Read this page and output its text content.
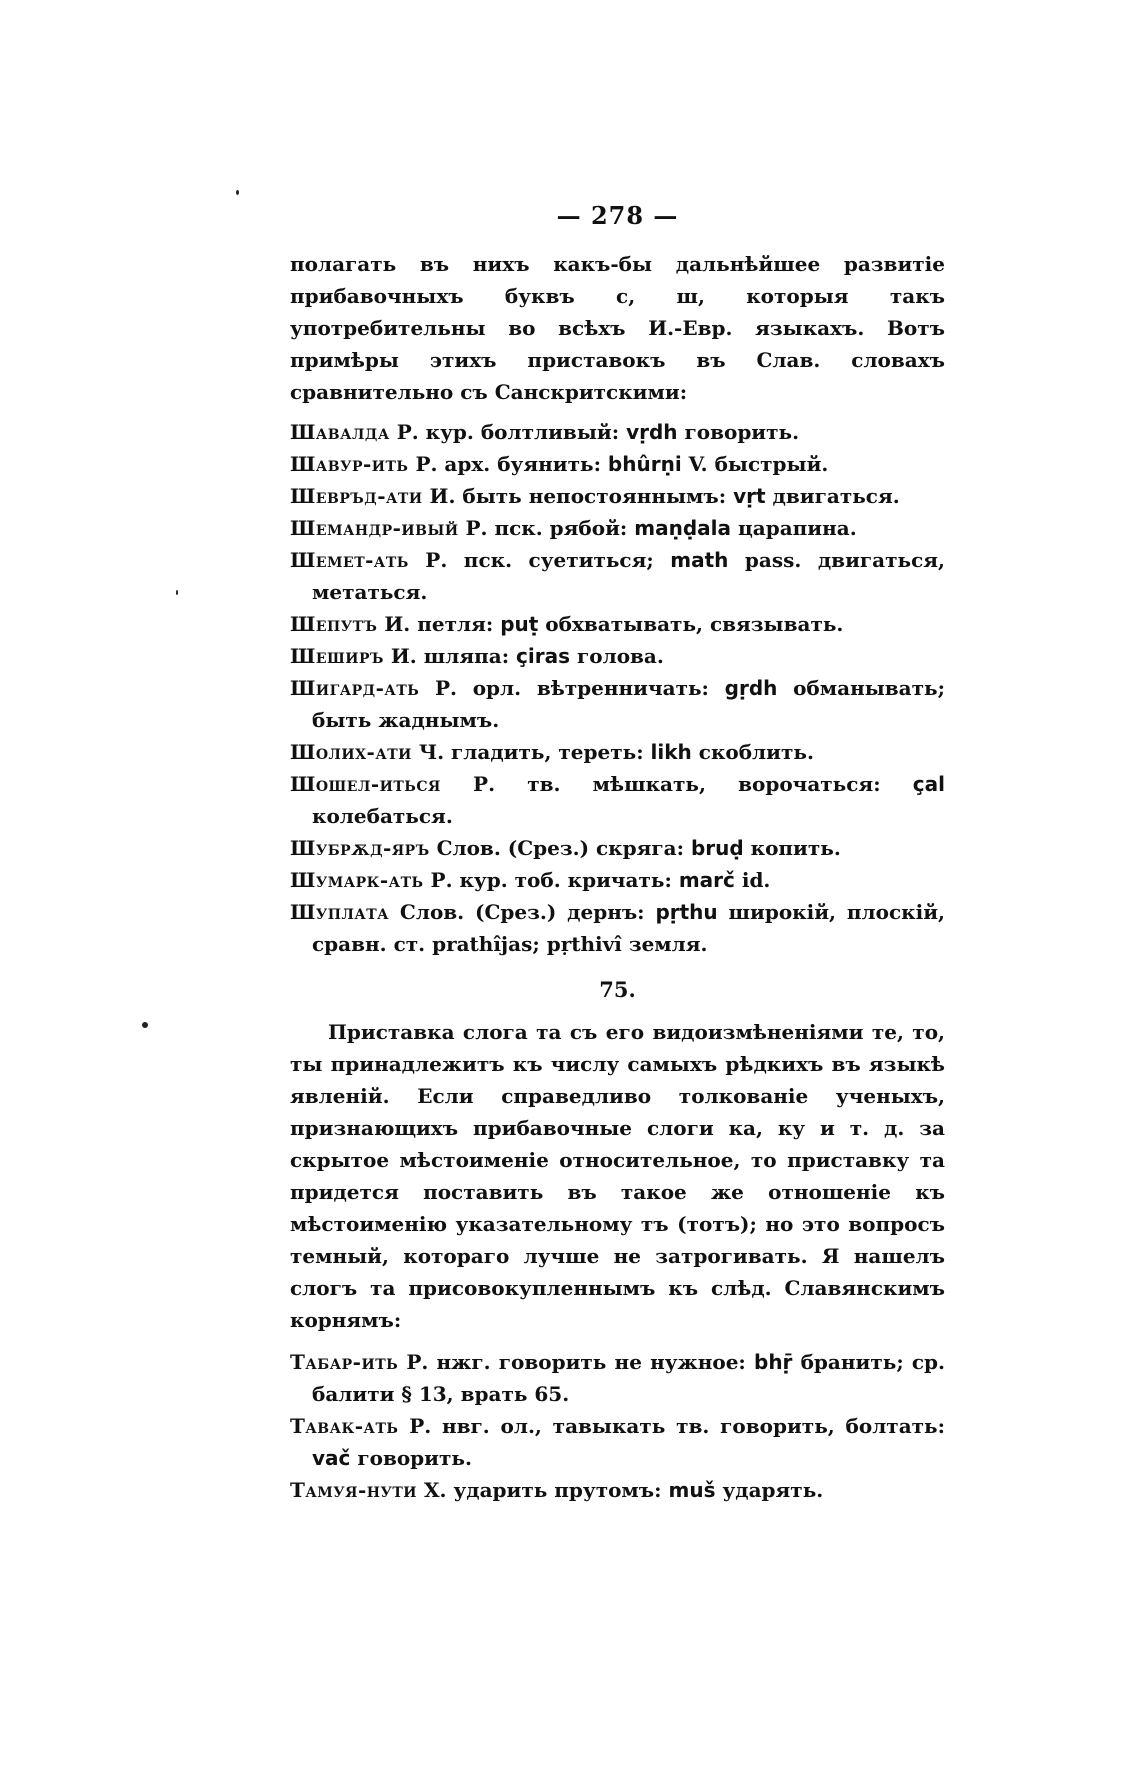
— 278 —

полагать въ нихъ какъ-бы дальнѣйшее развитіе прибавочныхъ буквъ с, ш, которыя такъ употребительны во всѣхъ И.-Евр. языкахъ. Вотъ примѣры этихъ приставокъ въ Слав. словахъ сравнительно съ Санскритскими:

Шавалда Р. кур. болтливый: vṛdh говорить.

Шавур-ить Р. арх. буянить: bhûrṇi V. быстрый.

Шевръд-ати И. быть непостояннымъ: vṛt двигаться.

Шемандр-ивый Р. пск. рябой: maṇḍala царапина.

Шемет-ать Р. пск. суетиться; math pass. двигаться, метаться.

Шепутъ И. петля: puṭ обхватывать, связывать.

Шеширъ И. шляпа: çiras голова.

Шигард-ать Р. орл. вѣтренничать: gṛdh обманывать; быть жаднымъ.

Шолих-ати Ч. гладить, тереть: likh скоблить.

Шошел-иться Р. тв. мѣшкать, ворочаться: çal колебаться.

Шубрѫд-яръ Слов. (Срез.) скряга: bruḍ копить.

Шумарк-ать Р. кур. тоб. кричать: marč id.

Шуплата Слов. (Срез.) дернъ: pṛthu широкій, плоскій, сравн. ст. prathîjas; pṛthivî земля.

75.

Приставка слога та съ его видоизмѣненіями те, то, ты принадлежитъ къ числу самыхъ рѣдкихъ въ языкѣ явленій. Если справедливо толкованіе ученыхъ, признающихъ прибавочные слоги ка, ку и т. д. за скрытое мѣстоименіе относительное, то приставку та придется поставить въ такое же отношеніе къ мѣстоименію указательному тъ (тотъ); но это вопросъ темный, котораго лучше не затрогивать. Я нашелъ слогъ та присовокупленнымъ къ слѣд. Славянскимъ корнямъ:

Табар-ить Р. нжг. говорить не нужное: bhṝ бранить; ср. балити § 13, врать 65.

Тавак-ать Р. нвг. ол., тавыкать тв. говорить, болтать: vač говорить.

Тамуя-нути Х. ударить прутомъ: muš ударять.
